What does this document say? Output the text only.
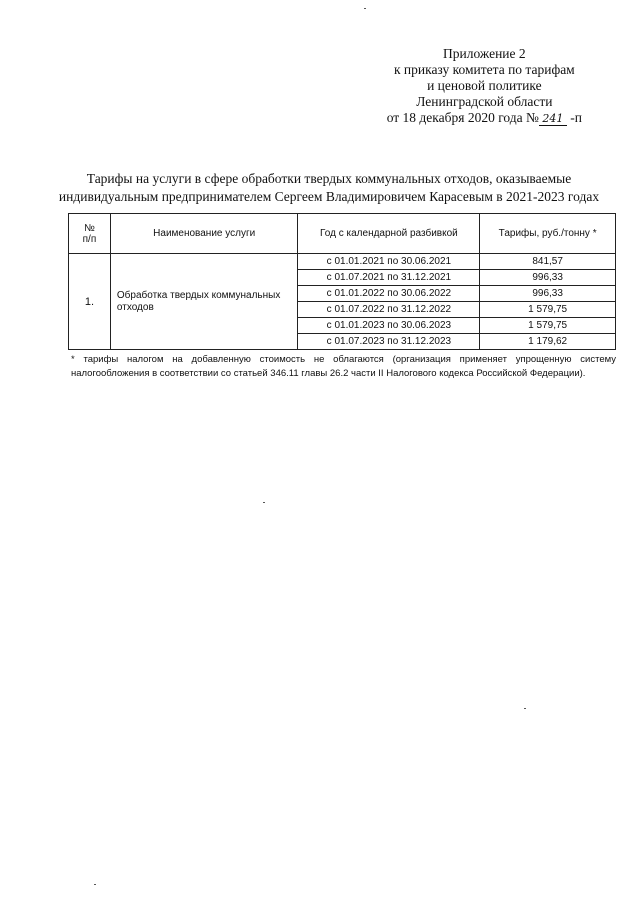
Приложение 2
к приказу комитета по тарифам
и ценовой политике
Ленинградской области
от 18 декабря 2020 года № 241 -п
Тарифы на услуги в сфере обработки твердых коммунальных отходов, оказываемые
индивидуальным предпринимателем Сергеем Владимировичем Карасевым в 2021-2023 годах
№
п/п	Наименование услуги	Год с календарной разбивкой	Тарифы, руб./тонну *
1.	Обработка твердых коммунальных отходов	с 01.01.2021 по 30.06.2021	841,57
		с 01.07.2021 по 31.12.2021	996,33
		с 01.01.2022 по 30.06.2022	996,33
		с 01.07.2022 по 31.12.2022	1 579,75
		с 01.01.2023 по 30.06.2023	1 579,75
		с 01.07.2023 по 31.12.2023	1 179,62
* тарифы налогом на добавленную стоимость не облагаются (организация применяет упрощенную систему налогообложения в соответствии со статьей 346.11 главы 26.2 части II Налогового кодекса Российской Федерации).
